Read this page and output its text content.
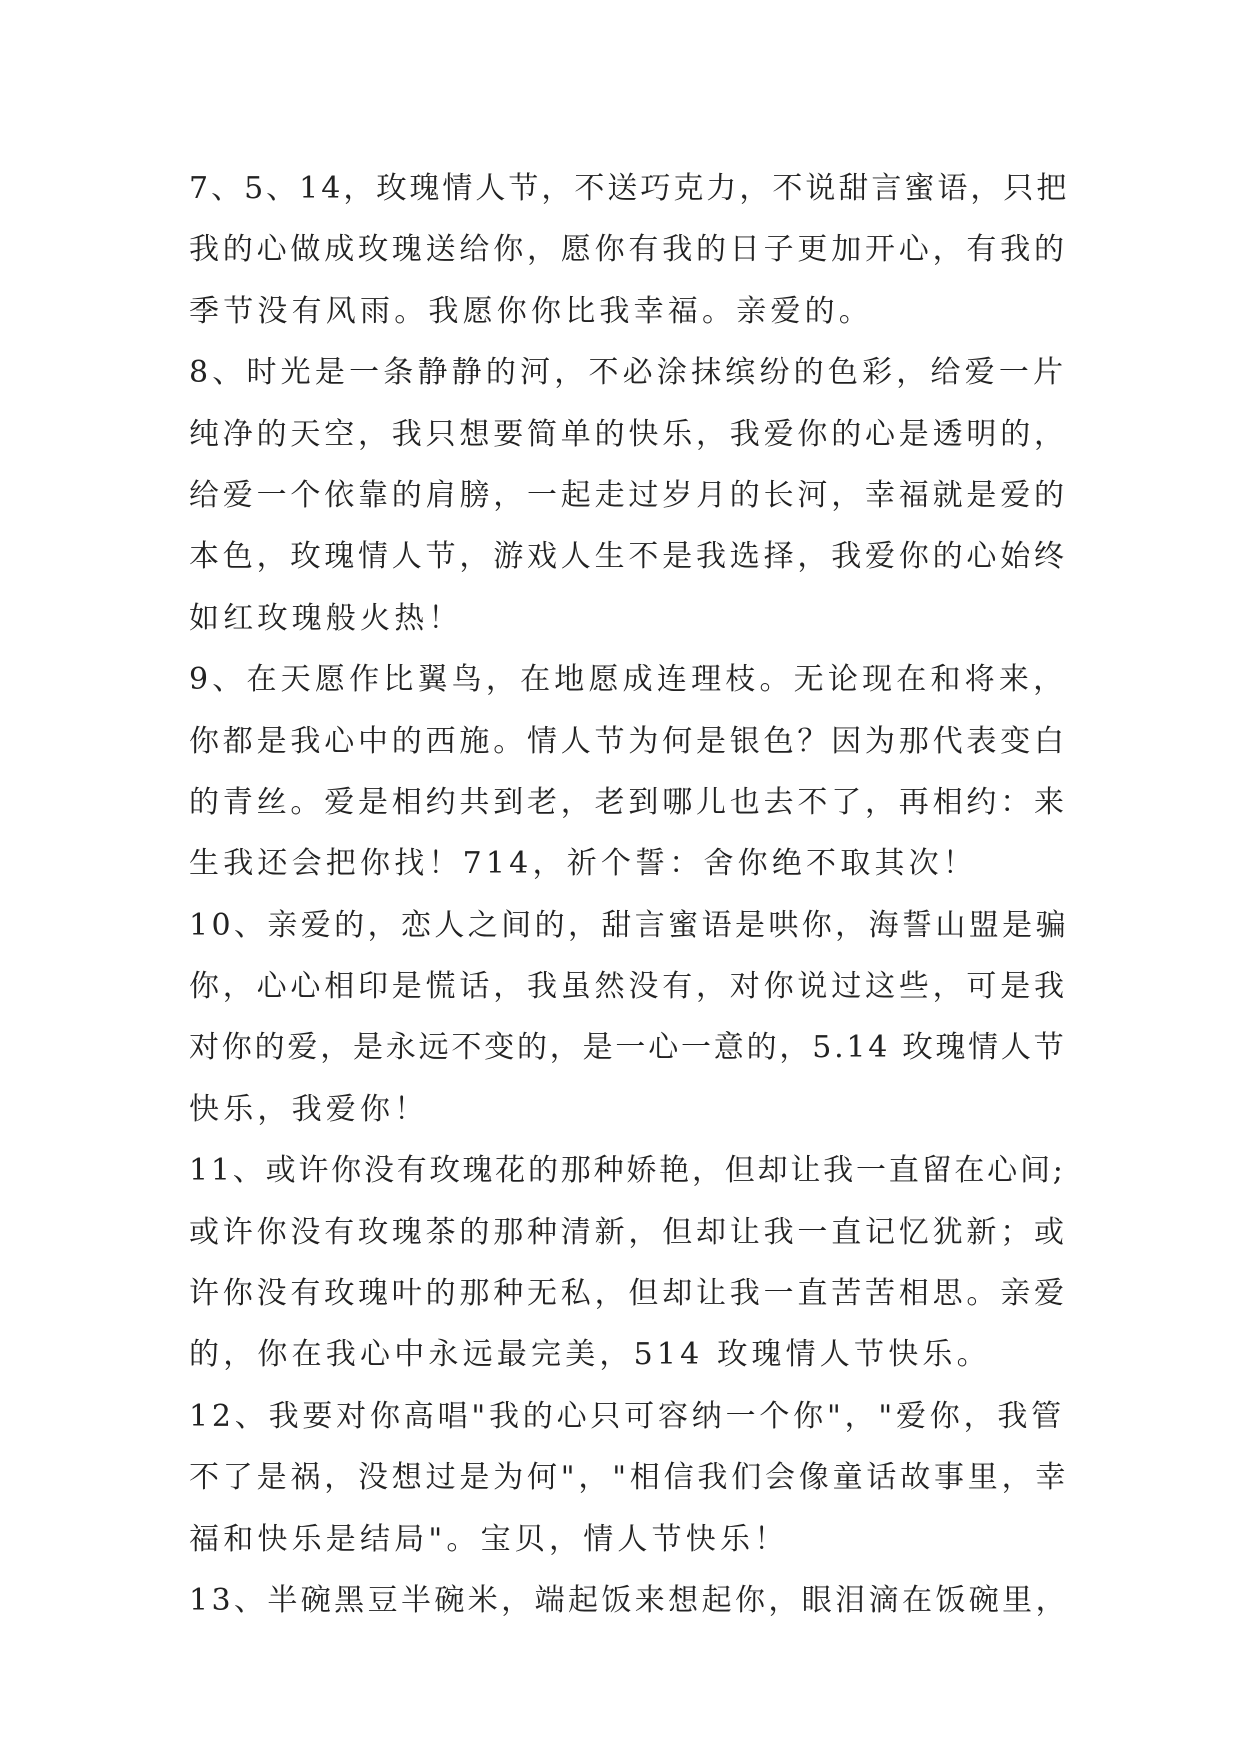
7、5、14，玫瑰情人节，不送巧克力，不说甜言蜜语，只把
我的心做成玫瑰送给你，愿你有我的日子更加开心，有我的
季节没有风雨。我愿你你比我幸福。亲爱的。
8、时光是一条静静的河，不必涂抹缤纷的色彩，给爱一片
纯净的天空，我只想要简单的快乐，我爱你的心是透明的，
给爱一个依靠的肩膀，一起走过岁月的长河，幸福就是爱的
本色，玫瑰情人节，游戏人生不是我选择，我爱你的心始终
如红玫瑰般火热！
9、在天愿作比翼鸟，在地愿成连理枝。无论现在和将来，
你都是我心中的西施。情人节为何是银色？因为那代表变白
的青丝。爱是相约共到老，老到哪儿也去不了，再相约：来
生我还会把你找！714，祈个誓：舍你绝不取其次！
10、亲爱的，恋人之间的，甜言蜜语是哄你，海誓山盟是骗
你，心心相印是慌话，我虽然没有，对你说过这些，可是我
对你的爱，是永远不变的，是一心一意的，5.14 玫瑰情人节
快乐，我爱你！
11、或许你没有玫瑰花的那种娇艳，但却让我一直留在心间;
或许你没有玫瑰茶的那种清新，但却让我一直记忆犹新；或
许你没有玫瑰叶的那种无私，但却让我一直苦苦相思。亲爱
的，你在我心中永远最完美，514 玫瑰情人节快乐。
12、我要对你高唱"我的心只可容纳一个你"，"爱你，我管
不了是祸，没想过是为何"，"相信我们会像童话故事里，幸
福和快乐是结局"。宝贝，情人节快乐！
13、半碗黑豆半碗米，端起饭来想起你，眼泪滴在饭碗里，
